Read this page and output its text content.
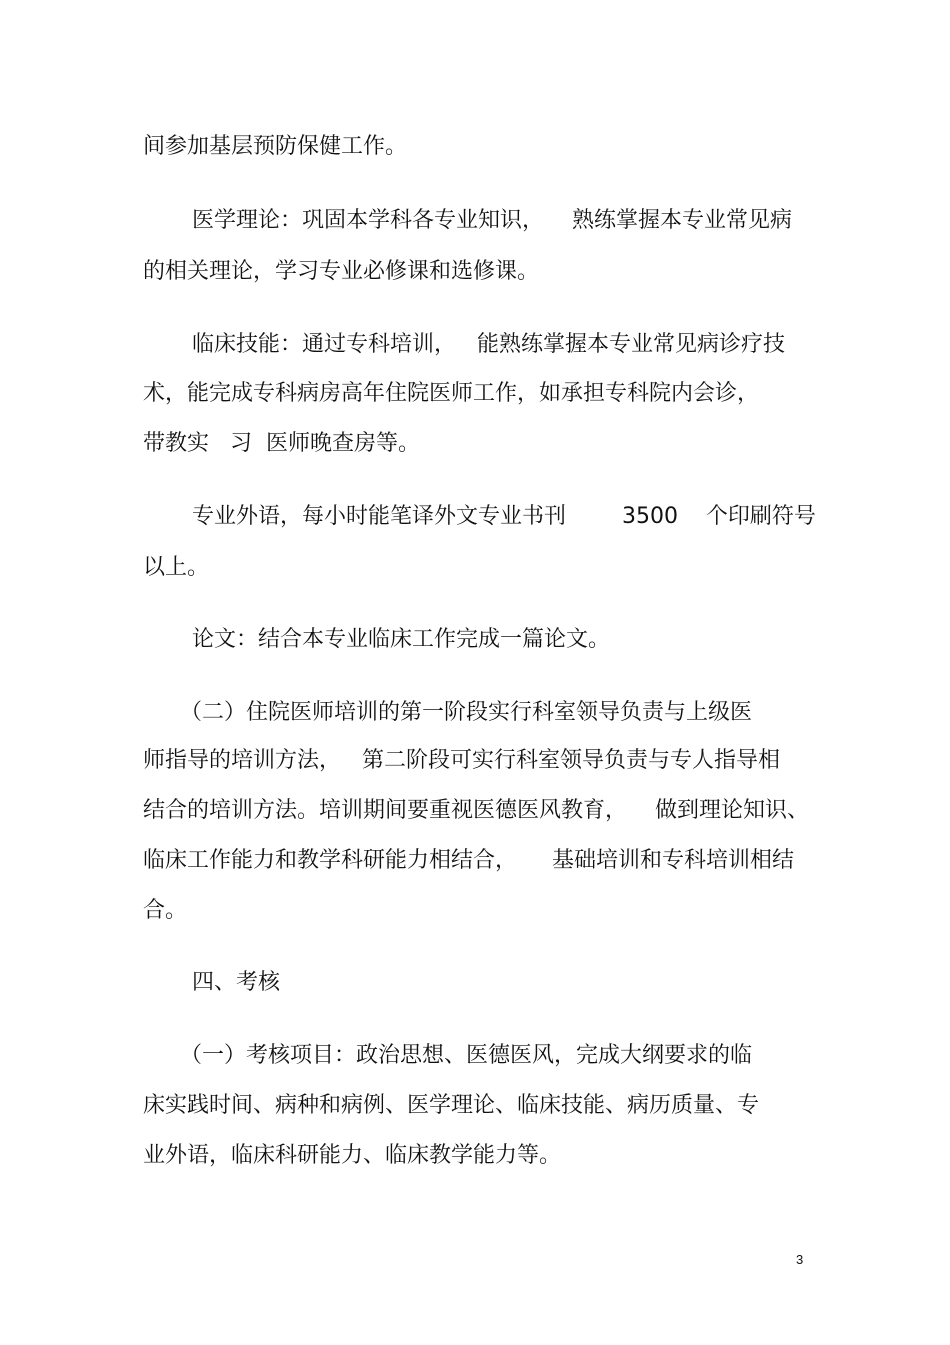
间参加基层预防保健工作。
医学理论：巩固本学科各专业知识，    熟练掌握本专业常见病
的相关理论，学习专业必修课和选修课。
临床技能：通过专科培训，   能熟练掌握本专业常见病诊疗技
术，能完成专科病房高年住院医师工作，如承担专科院内会诊，
带教实   习  医师晚查房等。
专业外语，每小时能笔译外文专业书刊        3500    个印刷符号
以上。
论文：结合本专业临床工作完成一篇论文。
（二）住院医师培训的第一阶段实行科室领导负责与上级医
师指导的培训方法，   第二阶段可实行科室领导负责与专人指导相
结合的培训方法。培训期间要重视医德医风教育，    做到理论知识、
临床工作能力和教学科研能力相结合，     基础培训和专科培训相结
合。
四、考核
（一）考核项目：政治思想、医德医风，完成大纲要求的临
床实践时间、病种和病例、医学理论、临床技能、病历质量、专
业外语，临床科研能力、临床教学能力等。
3
